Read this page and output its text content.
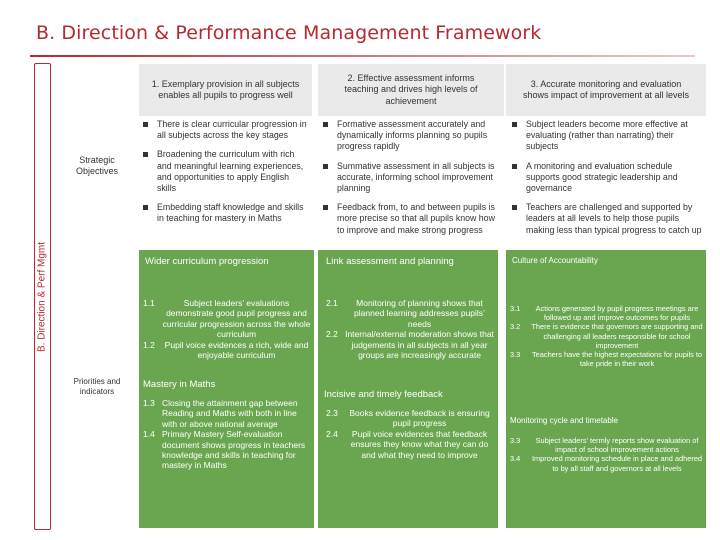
B. Direction & Performance Management Framework
B. Direction & Perf Mgmt
Strategic Objectives
Priorities and indicators
1. Exemplary provision in all subjects enables all pupils to progress well
2. Effective assessment informs teaching and drives high levels of achievement
3. Accurate monitoring and evaluation shows impact of improvement at all levels
There is clear curricular progression in all subjects across the key stages
Broadening the curriculum with rich and meaningful learning experiences, and opportunities to apply English skills
Embedding staff knowledge and skills in teaching for mastery in Maths
Formative assessment accurately and dynamically informs planning so pupils progress rapidly
Summative assessment in all subjects is accurate, informing school improvement planning
Feedback from, to and between pupils is more precise so that all pupils know how to improve and make strong progress
Subject leaders become more effective at evaluating (rather than narrating) their subjects
A monitoring and evaluation schedule supports good strategic leadership and governance
Teachers are challenged and supported by leaders at all levels to help those pupils making less than typical progress to catch up
Wider curriculum progression
1.1	Subject leaders’ evaluations demonstrate good pupil progress and curricular progression across the whole curriculum
1.2	Pupil voice evidences a rich, wide and enjoyable curriculum
Mastery in Maths
1.3 Closing the attainment gap between Reading and Maths with both in line with or above national average
1.4 Primary Mastery Self-evaluation document shows progress in teachers knowledge and skills in teaching for mastery in Maths
Link assessment and planning
2.1	Monitoring of planning shows that planned learning addresses pupils’ needs
2.2 Internal/external moderation shows that judgements in all subjects in all year groups are increasingly accurate
Incisive and timely feedback
2.3	Books evidence feedback is ensuring pupil progress
2.4	Pupil voice evidences that feedback ensures they know what they can do and what they need to improve
Culture of Accountability
3.1	Actions generated by pupil progress meetings are followed up and improve outcomes for pupils
3.2 There is evidence that governors are supporting and challenging all leaders responsible for school improvement
3.3 Teachers have the highest expectations for pupils to take pride in their work
Monitoring cycle and timetable
3.3	Subject leaders’ termly reports show evaluation of impact of school improvement actions
3.4 Improved monitoring schedule in place and adhered to by all staff and governors at all levels
